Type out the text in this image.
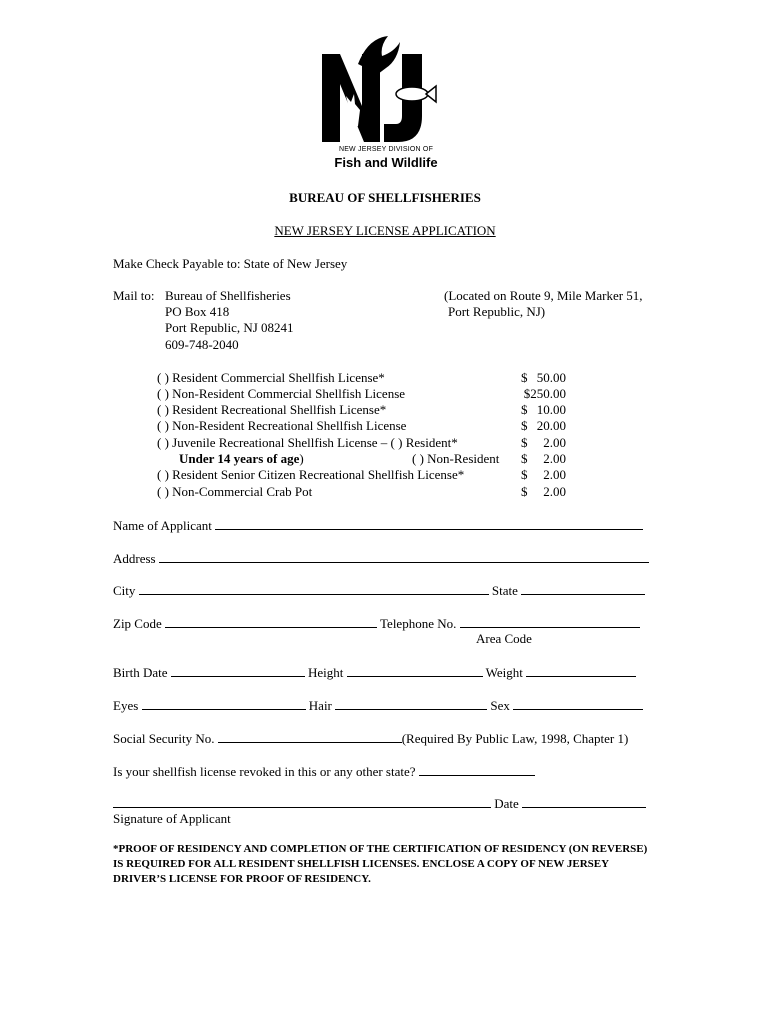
NEW JERSEY DIVISION OF
Fish and Wildlife
BUREAU OF SHELLFISHERIES
NEW JERSEY LICENSE APPLICATION
Make Check Payable to: State of New Jersey
Mail to: Bureau of Shellfisheries
PO Box 418
Port Republic, NJ 08241
609-748-2040
(Located on Route 9, Mile Marker 51,
Port Republic, NJ)
( ) Resident Commercial Shellfish License*	$ 50.00
( ) Non-Resident Commercial Shellfish License	$250.00
( ) Resident Recreational Shellfish License*	$ 10.00
( ) Non-Resident Recreational Shellfish License	$ 20.00
( ) Juvenile Recreational Shellfish License – ( ) Resident*	$ 2.00
Under 14 years of age)	( ) Non-Resident $ 2.00
( ) Resident Senior Citizen Recreational Shellfish License*	$ 2.00
( ) Non-Commercial Crab Pot	$ 2.00
Name of Applicant
Address
City	State
Zip Code	Telephone No.
Area Code
Birth Date	Height	Weight
Eyes	Hair	Sex
Social Security No.	(Required By Public Law, 1998, Chapter 1)
Is your shellfish license revoked in this or any other state?
Date
Signature of Applicant
*PROOF OF RESIDENCY AND COMPLETION OF THE CERTIFICATION OF RESIDENCY (ON REVERSE) IS REQUIRED FOR ALL RESIDENT SHELLFISH LICENSES. ENCLOSE A COPY OF NEW JERSEY DRIVER’S LICENSE FOR PROOF OF RESIDENCY.
